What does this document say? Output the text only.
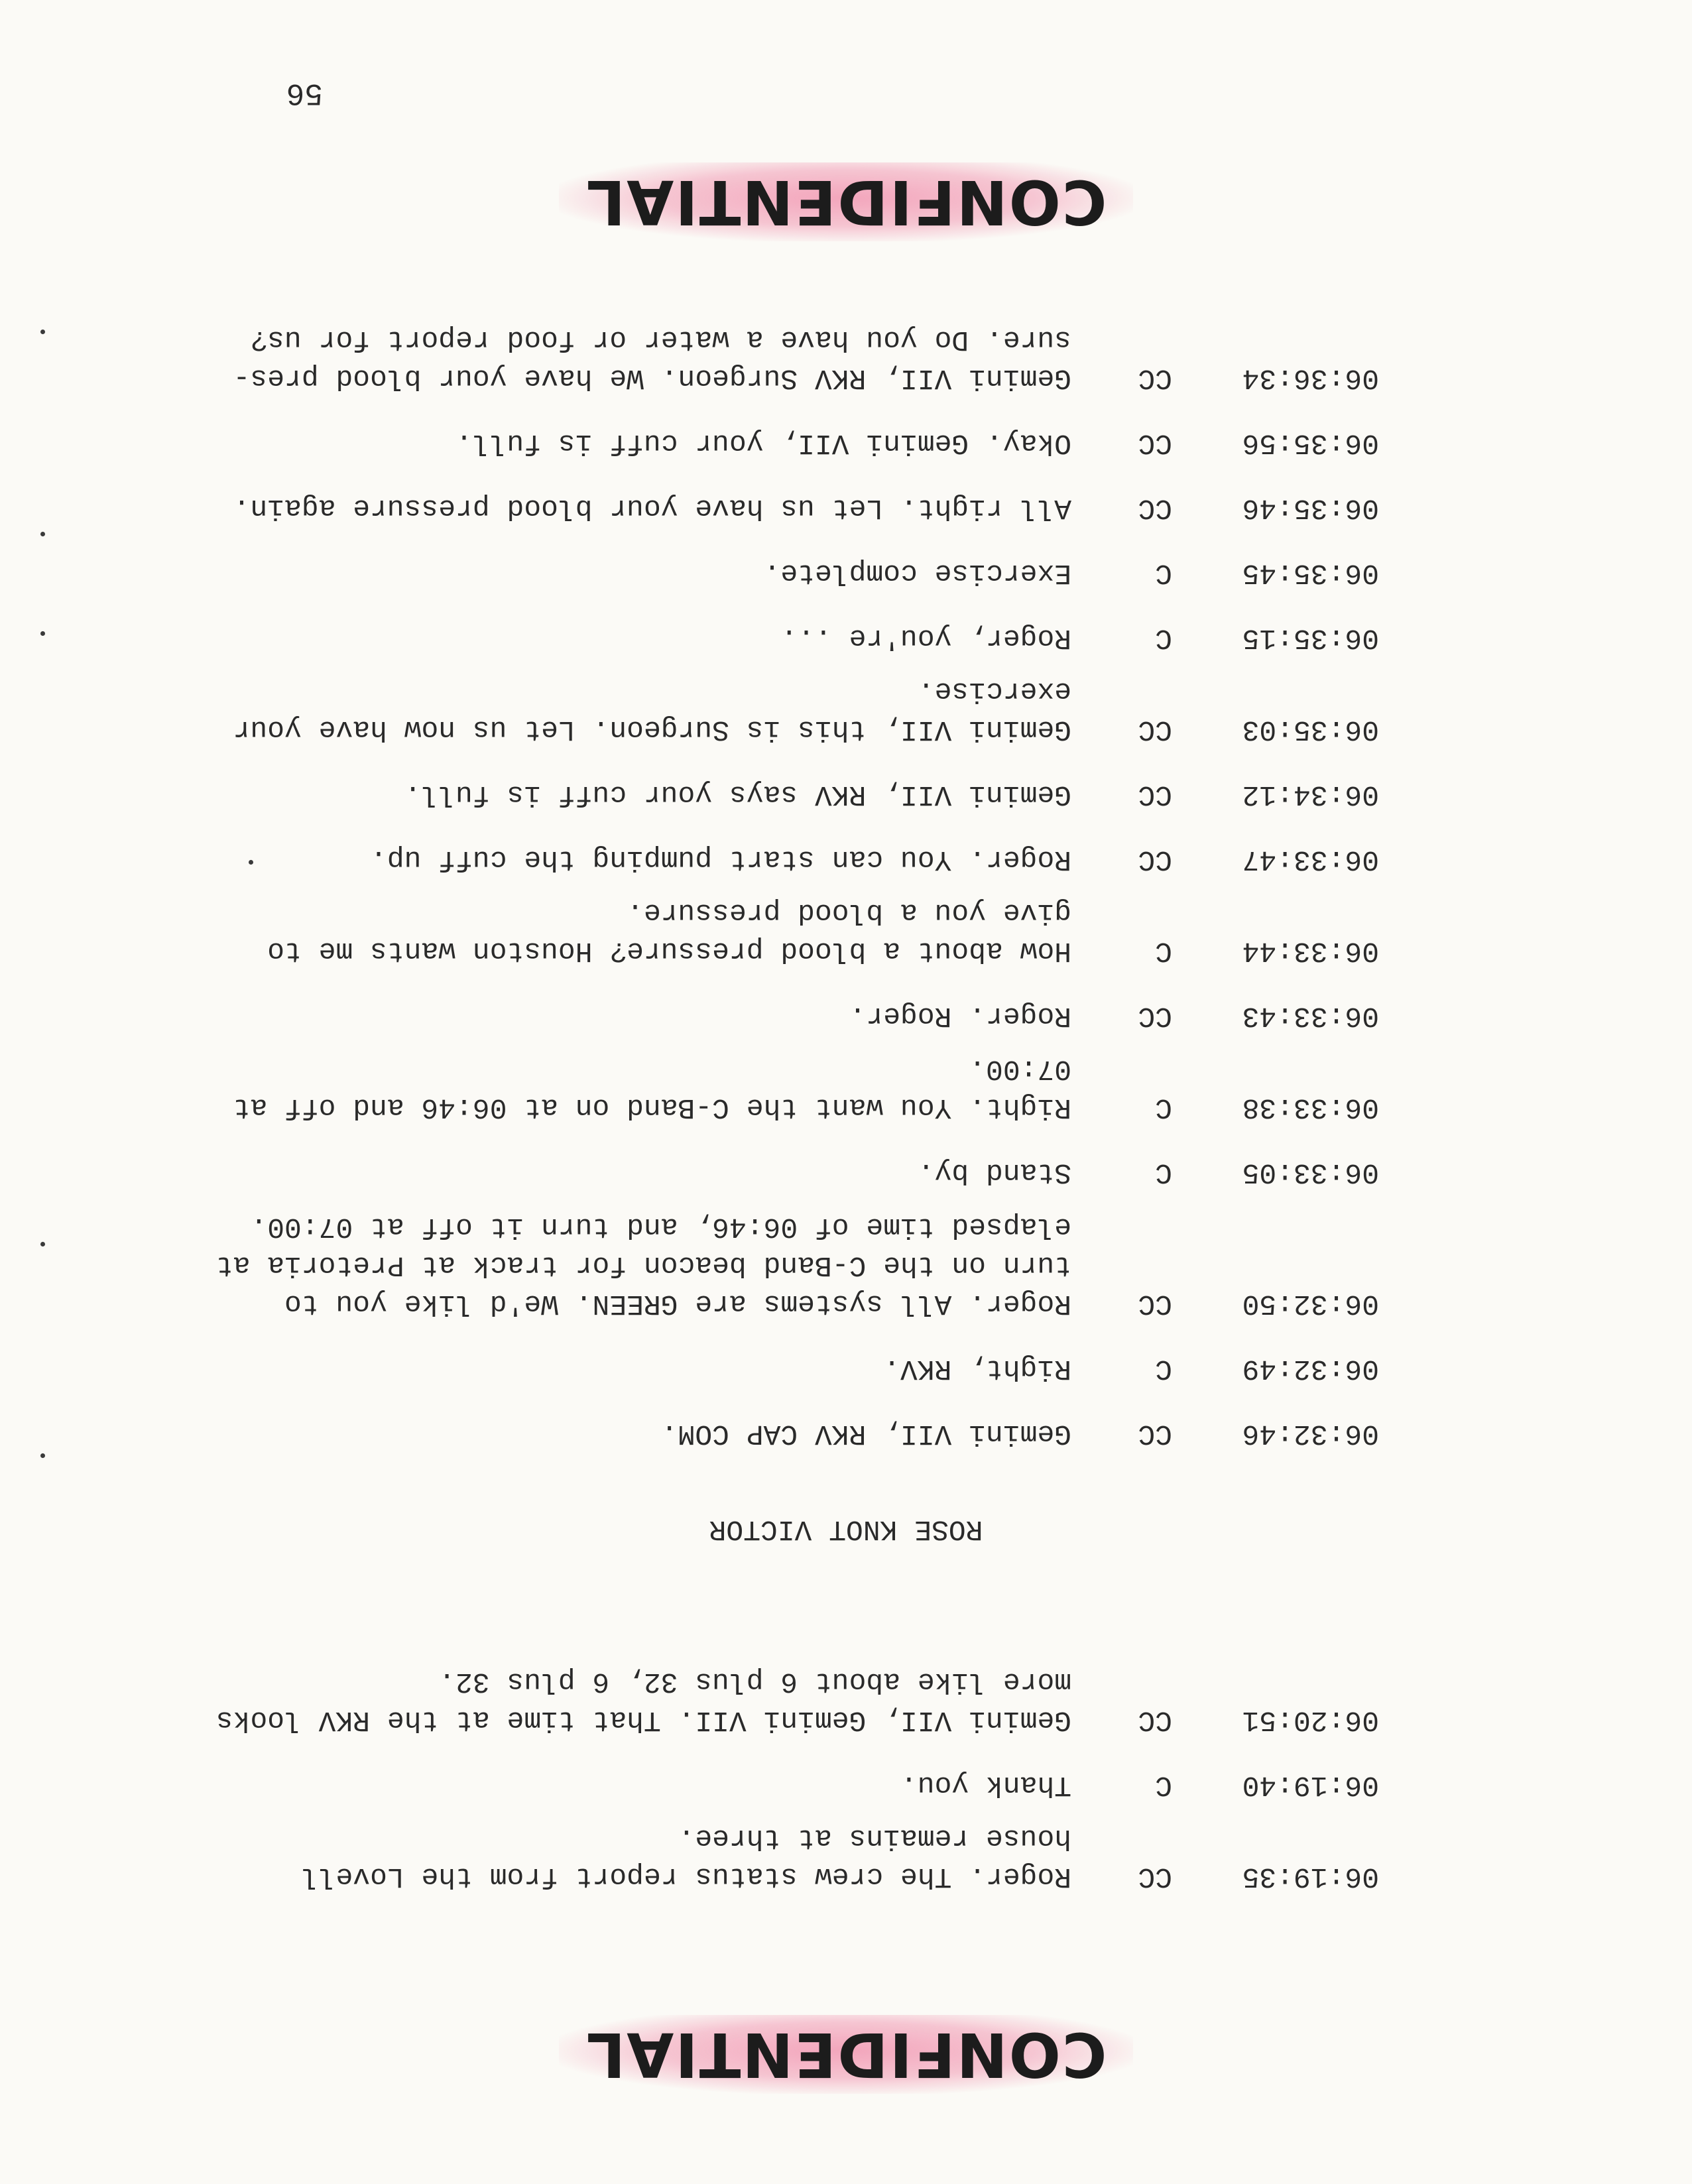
CONFIDENTIAL
06:19:35
CC
Roger. The crew status report from the Lovell
house remains at three.
06:19:40
C
Thank you.
06:20:51
CC
Gemini VII, Gemini VII. That time at the RKV looks
more like about 6 plus 32, 6 plus 32.
ROSE KNOT VICTOR
06:32:46
CC
Gemini VII, RKV CAP COM.
06:32:49
C
Right, RKV.
06:32:50
CC
Roger. All systems are GREEN. We'd like you to
turn on the C-Band beacon for track at Pretoria at
elapsed time of 06:46, and turn it off at 07:00.
06:33:05
C
Stand by.
06:33:38
C
Right. You want the C-Band on at 06:46 and off at
07:00.
06:33:43
CC
Roger. Roger.
06:33:44
C
How about a blood pressure? Houston wants me to
give you a blood pressure.
06:33:47
CC
Roger. You can start pumping the cuff up.
06:34:12
CC
Gemini VII, RKV says your cuff is full.
06:35:03
CC
Gemini VII, this is Surgeon. Let us now have your
exercise.
06:35:15
C
Roger, you're ...
06:35:45
C
Exercise complete.
06:35:46
CC
All right. Let us have your blood pressure again.
06:35:56
CC
Okay. Gemini VII, your cuff is full.
06:36:34
CC
Gemini VII, RKV Surgeon. We have your blood pres-
sure. Do you have a water or food report for us?
CONFIDENTIAL
56
